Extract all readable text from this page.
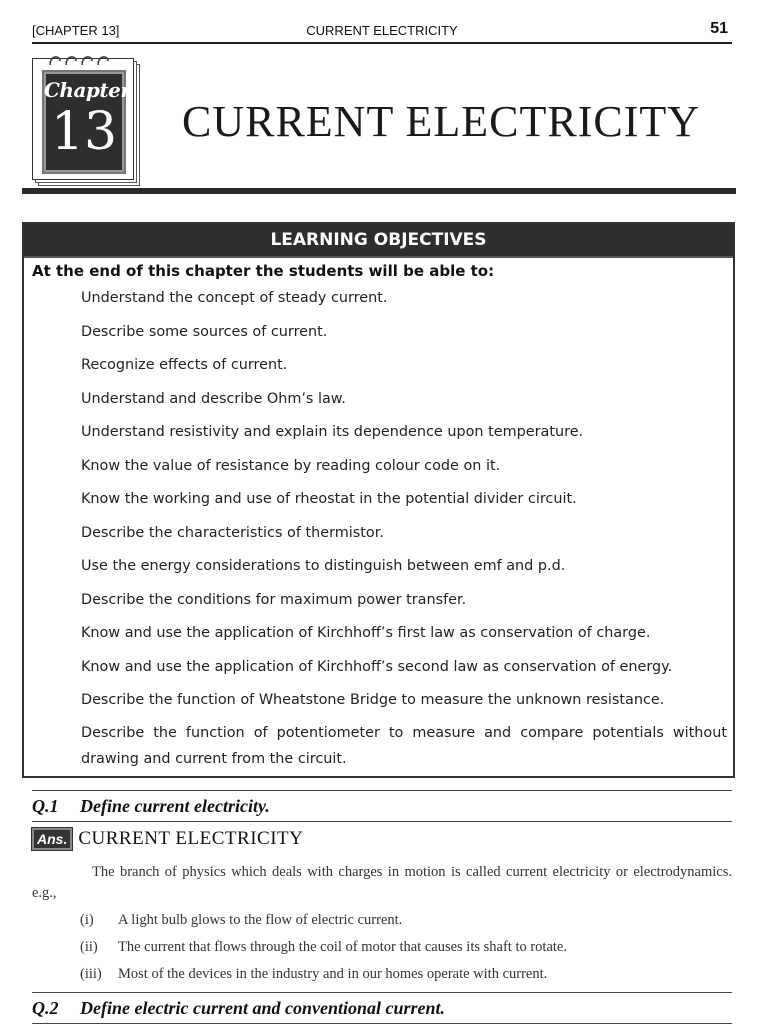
[CHAPTER 13]	CURRENT ELECTRICITY	51
Chapter
13	CURRENT ELECTRICITY
LEARNING OBJECTIVES
At the end of this chapter the students will be able to:
Understand the concept of steady current.
Describe some sources of current.
Recognize effects of current.
Understand and describe Ohm’s law.
Understand resistivity and explain its dependence upon temperature.
Know the value of resistance by reading colour code on it.
Know the working and use of rheostat in the potential divider circuit.
Describe the characteristics of thermistor.
Use the energy considerations to distinguish between emf and p.d.
Describe the conditions for maximum power transfer.
Know and use the application of Kirchhoff’s first law as conservation of charge.
Know and use the application of Kirchhoff’s second law as conservation of energy.
Describe the function of Wheatstone Bridge to measure the unknown resistance.
Describe the function of potentiometer to measure and compare potentials without drawing and current from the circuit.
Q.1 Define current electricity.
Ans. CURRENT ELECTRICITY
The branch of physics which deals with charges in motion is called current electricity or electrodynamics. e.g.,
(i) A light bulb glows to the flow of electric current.
(ii) The current that flows through the coil of motor that causes its shaft to rotate.
(iii) Most of the devices in the industry and in our homes operate with current.
Q.2 Define electric current and conventional current.
